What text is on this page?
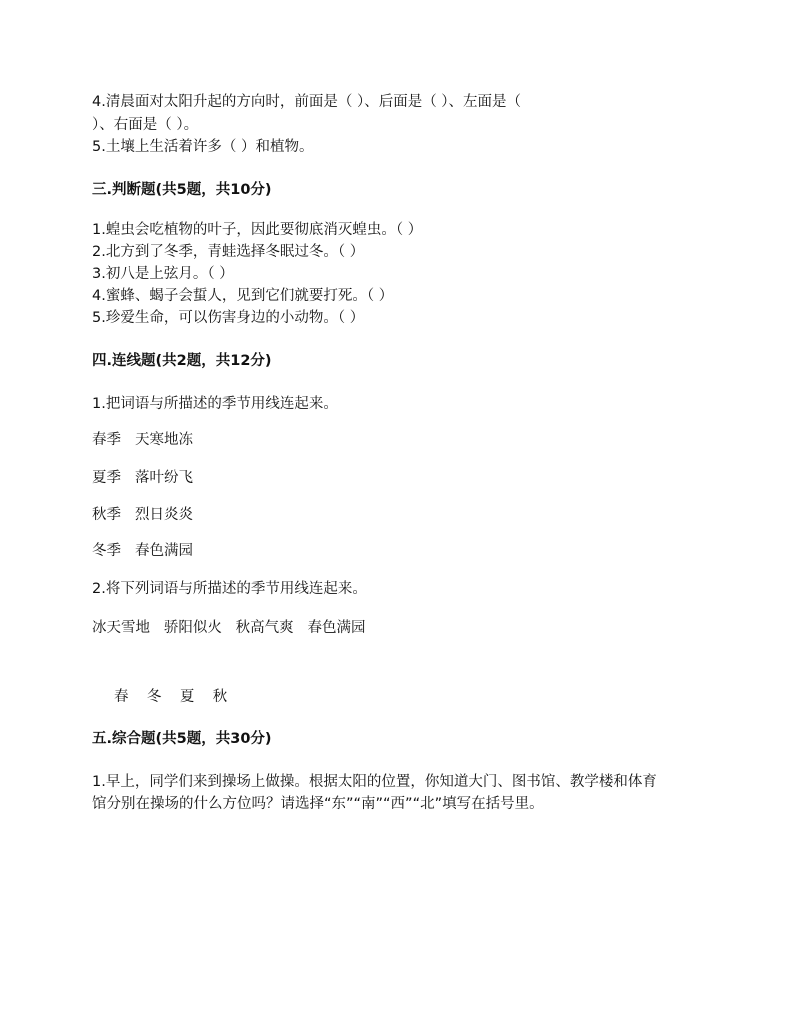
4.清晨面对太阳升起的方向时，前面是（ ）、后面是（ ）、左面是（
）、右面是（ ）。
5.土壤上生活着许多（ ）和植物。
三.判断题(共5题，共10分)
1.蝗虫会吃植物的叶子，因此要彻底消灭蝗虫。（ ）
2.北方到了冬季，青蛙选择冬眠过冬。（ ）
3.初八是上弦月。（ ）
4.蜜蜂、蝎子会蜇人，见到它们就要打死。（ ）
5.珍爱生命，可以伤害身边的小动物。（ ）
四.连线题(共2题，共12分)
1.把词语与所描述的季节用线连起来。
春季 天寒地冻
夏季 落叶纷飞
秋季 烈日炎炎
冬季 春色满园
2.将下列词语与所描述的季节用线连起来。
冰天雪地   骄阳似火   秋高气爽   春色满园
春    冬    夏    秋
五.综合题(共5题，共30分)
1.早上，同学们来到操场上做操。根据太阳的位置，你知道大门、图书馆、教学楼和体育
馆分别在操场的什么方位吗？请选择“东”“南”“西”“北”填写在括号里。
